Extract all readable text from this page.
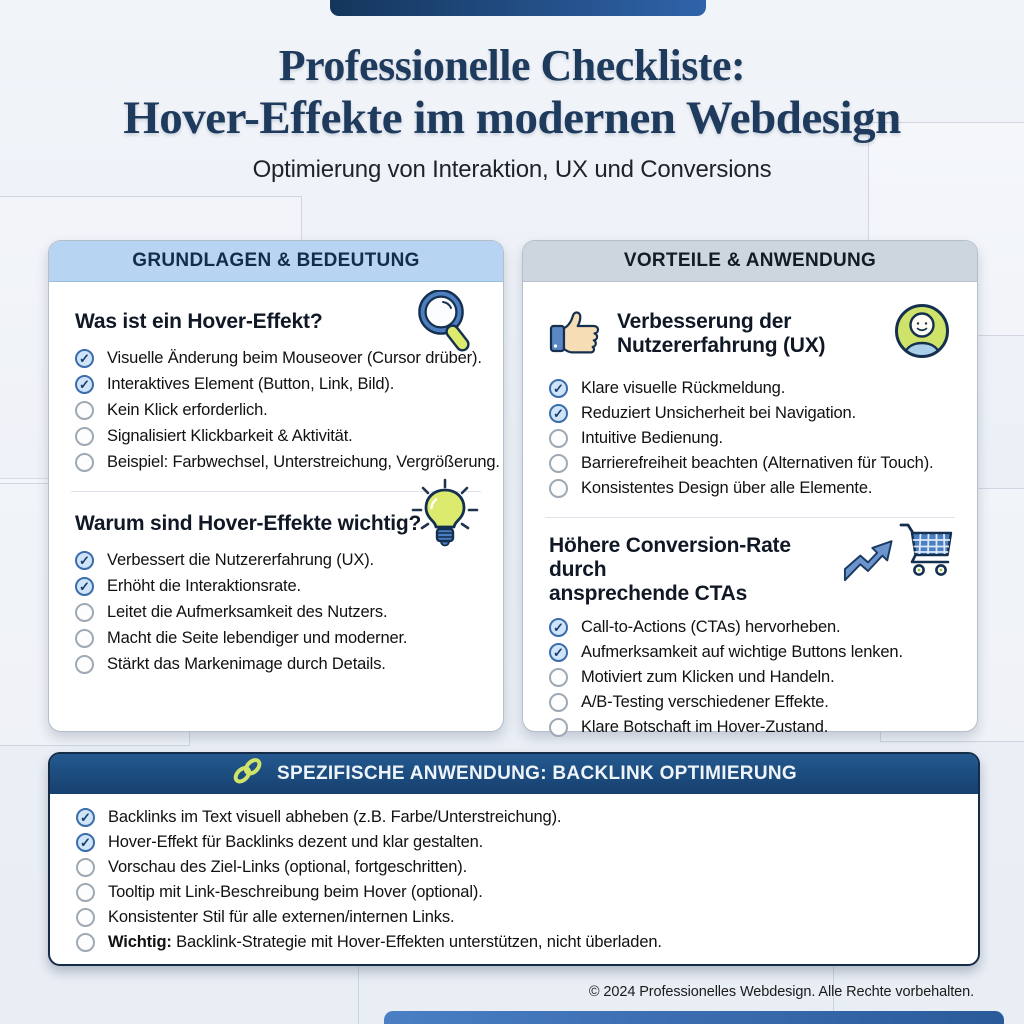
Professionelle Checkliste:
Hover-Effekte im modernen Webdesign

Optimierung von Interaktion, UX und Conversions

GRUNDLAGEN & BEDEUTUNG
Was ist ein Hover-Effekt?
✓
Visuelle Änderung beim Mouseover (Cursor drüber).
✓
Interaktives Element (Button, Link, Bild).
Kein Klick erforderlich.
Signalisiert Klickbarkeit & Aktivität.
Beispiel: Farbwechsel, Unterstreichung, Vergrößerung.
Warum sind Hover-Effekte wichtig?
✓
Verbessert die Nutzererfahrung (UX).
✓
Erhöht die Interaktionsrate.
Leitet die Aufmerksamkeit des Nutzers.
Macht die Seite lebendiger und moderner.
Stärkt das Markenimage durch Details.
VORTEILE & ANWENDUNG
Verbesserung der
Nutzererfahrung (UX)
✓
Klare visuelle Rückmeldung.
✓
Reduziert Unsicherheit bei Navigation.
Intuitive Bedienung.
Barrierefreiheit beachten (Alternativen für Touch).
Konsistentes Design über alle Elemente.
Höhere Conversion-Rate durch
ansprechende CTAs
✓
Call-to-Actions (CTAs) hervorheben.
✓
Aufmerksamkeit auf wichtige Buttons lenken.
Motiviert zum Klicken und Handeln.
A/B-Testing verschiedener Effekte.
Klare Botschaft im Hover-Zustand.
SPEZIFISCHE ANWENDUNG: BACKLINK OPTIMIERUNG
✓
Backlinks im Text visuell abheben (z.B. Farbe/Unterstreichung).
✓
Hover-Effekt für Backlinks dezent und klar gestalten.
Vorschau des Ziel-Links (optional, fortgeschritten).
Tooltip mit Link-Beschreibung beim Hover (optional).
Konsistenter Stil für alle externen/internen Links.
Wichtig: Backlink-Strategie mit Hover-Effekten unterstützen, nicht überladen.
© 2024 Professionelles Webdesign. Alle Rechte vorbehalten.
